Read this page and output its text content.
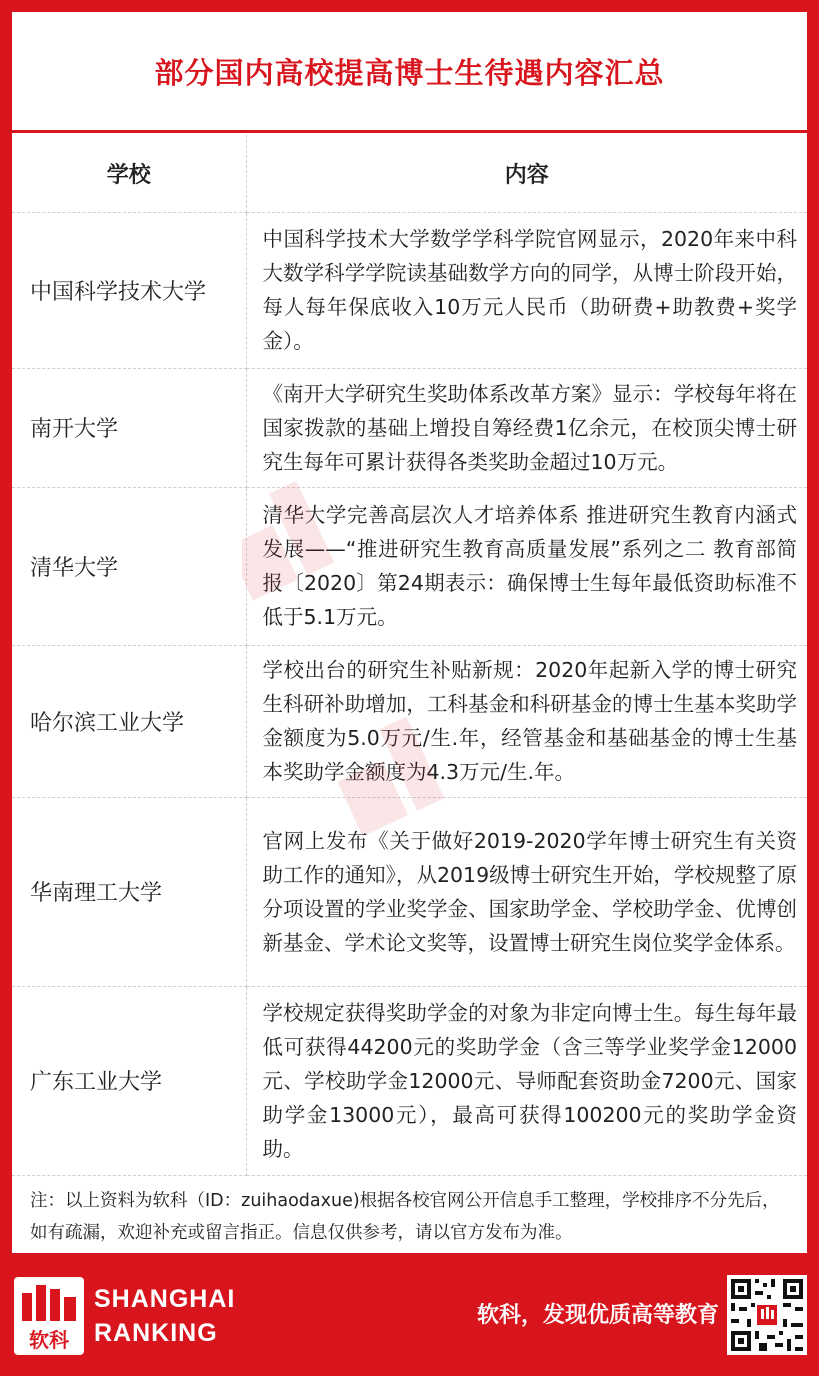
部分国内高校提高博士生待遇内容汇总
学校	内容
中国科学技术大学	中国科学技术大学数学学科学院官网显示，2020年来中科大数学科学学院读基础数学方向的同学，从博士阶段开始，每人每年保底收入10万元人民币（助研费+助教费+奖学金）。
南开大学	《南开大学研究生奖助体系改革方案》显示：学校每年将在国家拨款的基础上增投自筹经费1亿余元，在校顶尖博士研究生每年可累计获得各类奖助金超过10万元。
清华大学	清华大学完善高层次人才培养体系 推进研究生教育内涵式发展——“推进研究生教育高质量发展”系列之二 教育部简报〔2020〕第24期表示：确保博士生每年最低资助标准不低于5.1万元。
哈尔滨工业大学	学校出台的研究生补贴新规：2020年起新入学的博士研究生科研补助增加，工科基金和科研基金的博士生基本奖助学金额度为5.0万元/生.年，经管基金和基础基金的博士生基本奖助学金额度为4.3万元/生.年。
华南理工大学	官网上发布《关于做好2019-2020学年博士研究生有关资助工作的通知》，从2019级博士研究生开始，学校规整了原分项设置的学业奖学金、国家助学金、学校助学金、优博创新基金、学术论文奖等，设置博士研究生岗位奖学金体系。
广东工业大学	学校规定获得奖助学金的对象为非定向博士生。每生每年最低可获得44200元的奖助学金（含三等学业奖学金12000元、学校助学金12000元、导师配套资助金7200元、国家助学金13000元），最高可获得100200元的奖助学金资助。
注：以上资料为软科（ID：zuihaodaxue)根据各校官网公开信息手工整理，学校排序不分先后，如有疏漏，欢迎补充或留言指正。信息仅供参考，请以官方发布为准。
软科
SHANGHAI
RANKING
软科，发现优质高等教育
